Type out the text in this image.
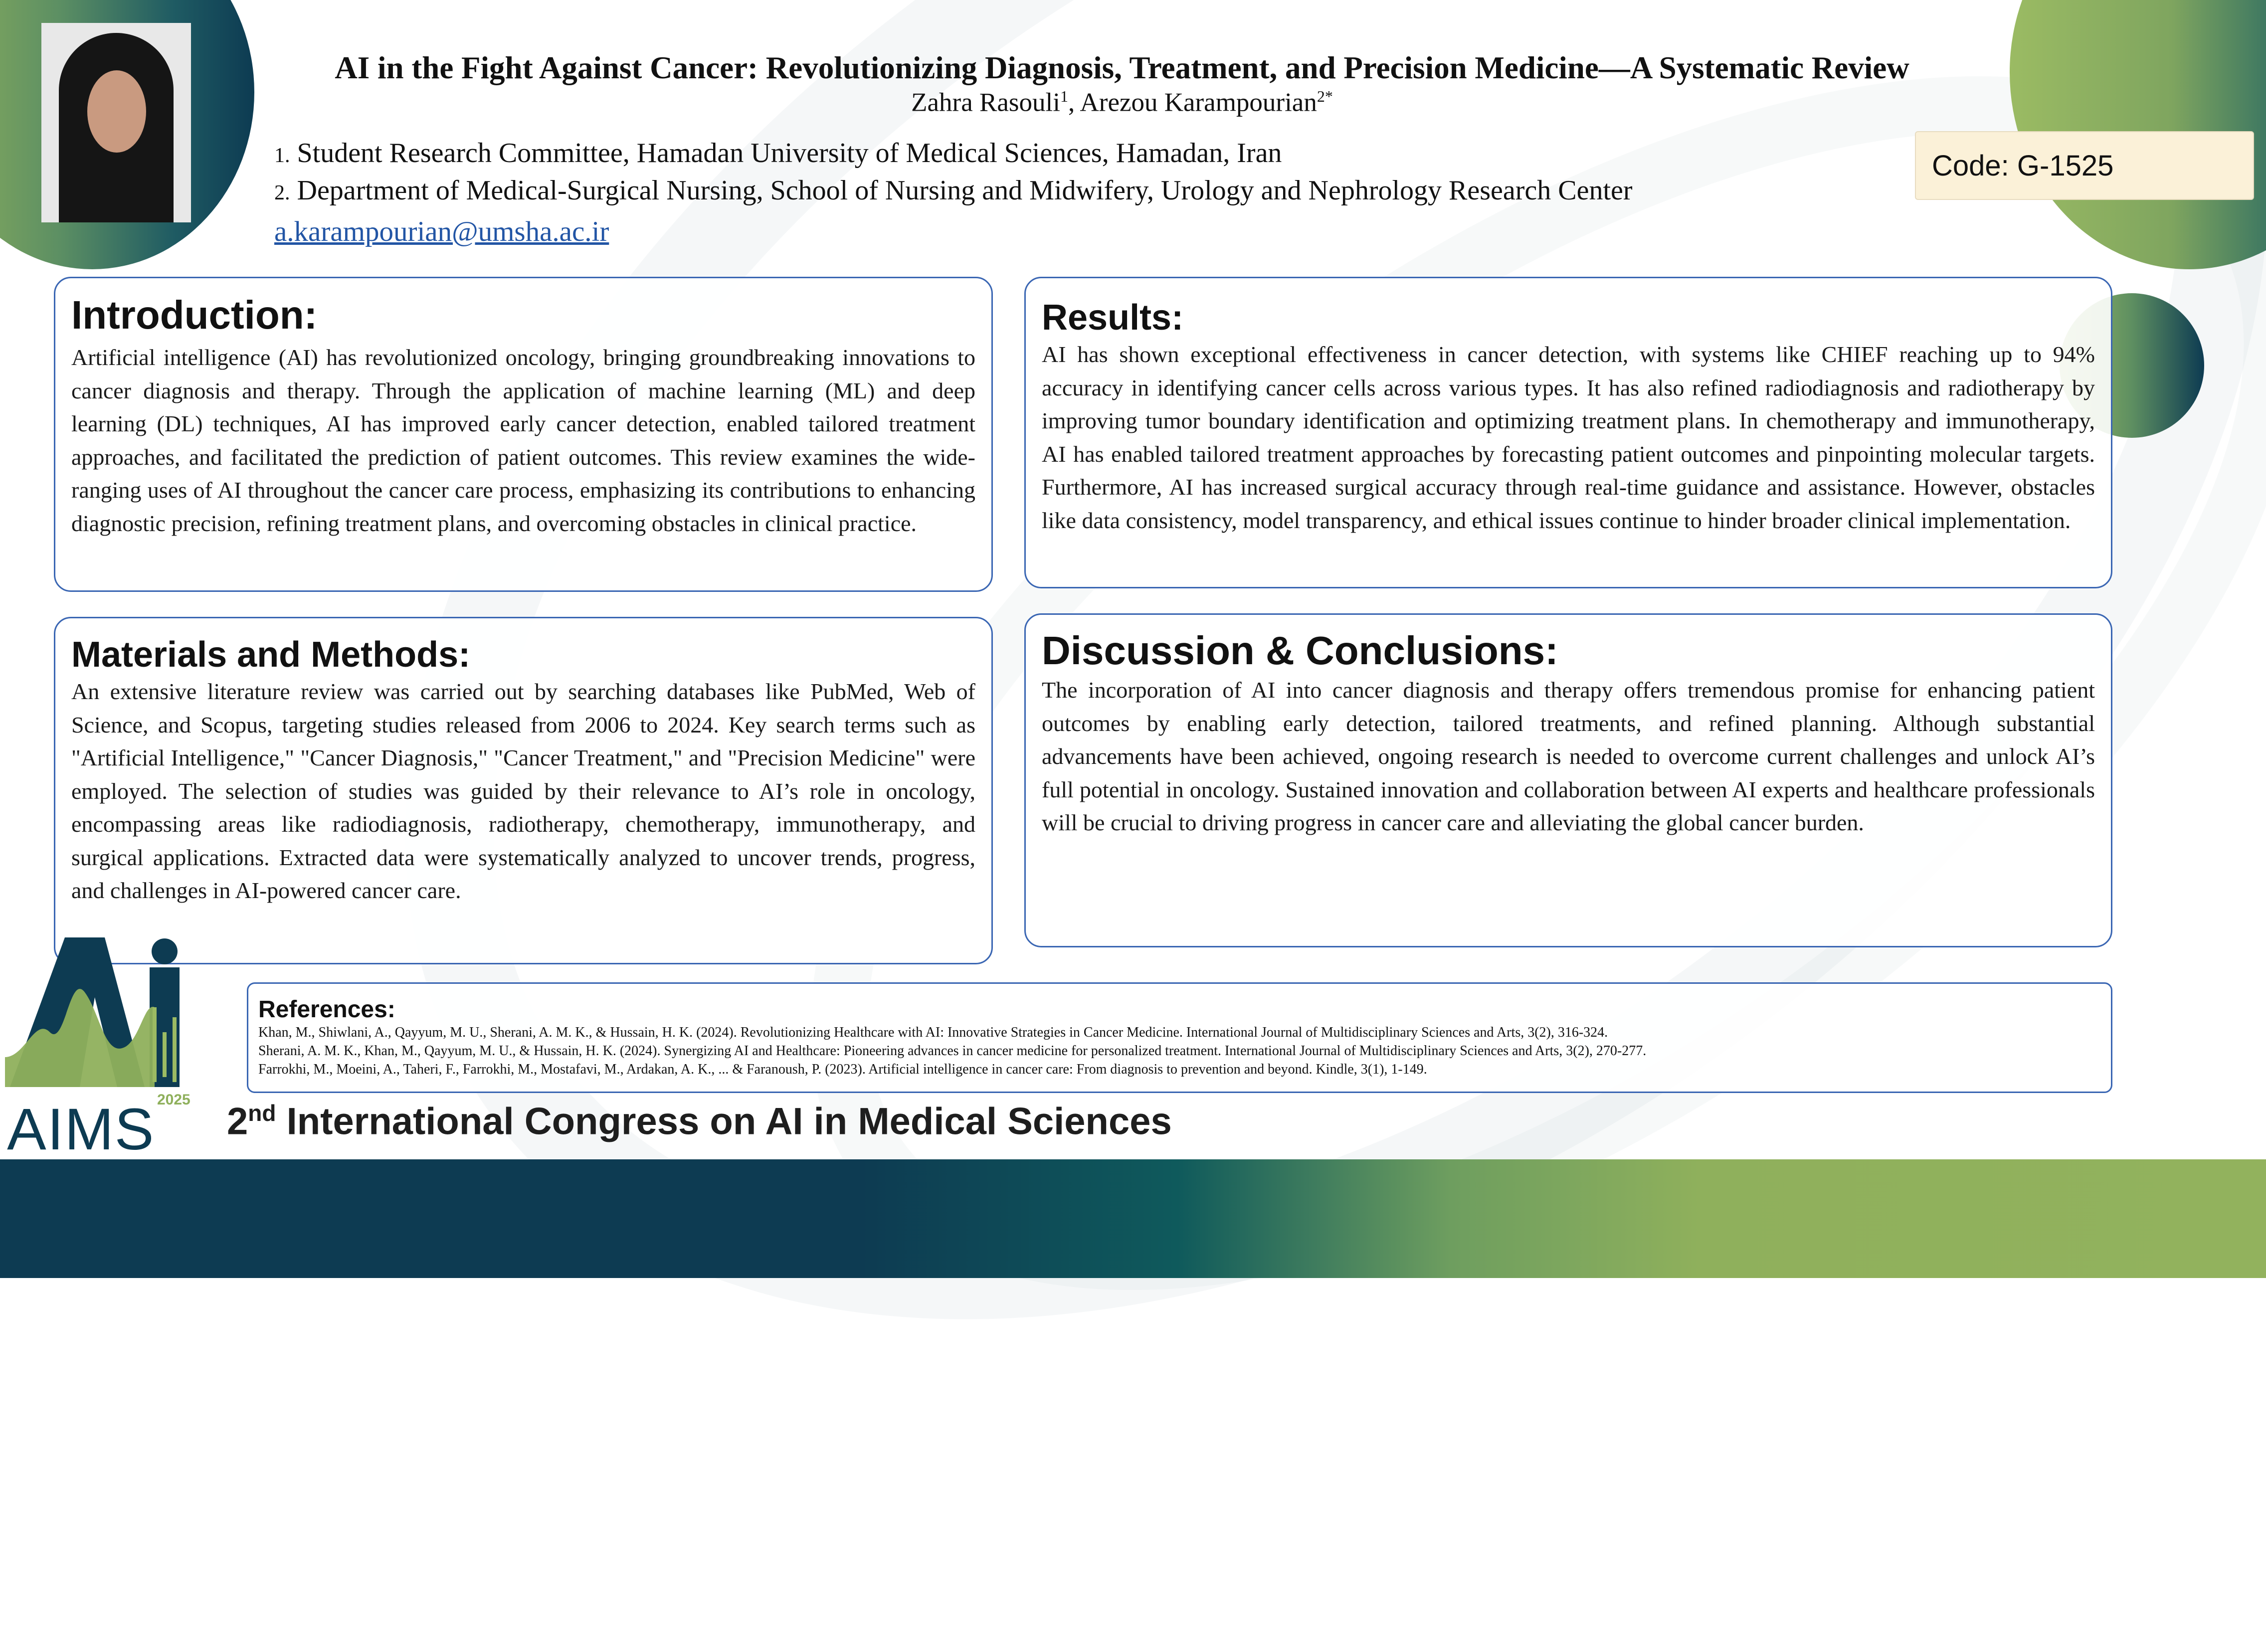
AI in the Fight Against Cancer: Revolutionizing Diagnosis, Treatment, and Precision Medicine—A Systematic Review
Zahra Rasouli$^1$, Arezou Karampourian$^{2*}$
1. Student Research Committee, Hamadan University of Medical Sciences, Hamadan, Iran
2. Department of Medical-Surgical Nursing, School of Nursing and Midwifery, Urology and Nephrology Research Center
a.karampourian@umsha.ac.ir
Code: G-1525
Introduction:

Artificial intelligence (AI) has revolutionized oncology, bringing groundbreaking innovations to cancer diagnosis and therapy. Through the application of machine learning (ML) and deep learning (DL) techniques, AI has improved early cancer detection, enabled tailored treatment approaches, and facilitated the prediction of patient outcomes. This review examines the wide-ranging uses of AI throughout the cancer care process, emphasizing its contributions to enhancing diagnostic precision, refining treatment plans, and overcoming obstacles in clinical practice.

Results:

AI has shown exceptional effectiveness in cancer detection, with systems like CHIEF reaching up to 94% accuracy in identifying cancer cells across various types. It has also refined radiodiagnosis and radiotherapy by improving tumor boundary identification and optimizing treatment plans. In chemotherapy and immunotherapy, AI has enabled tailored treatment approaches by forecasting patient outcomes and pinpointing molecular targets. Furthermore, AI has increased surgical accuracy through real-time guidance and assistance. However, obstacles like data consistency, model transparency, and ethical issues continue to hinder broader clinical implementation.

Materials and Methods:

An extensive literature review was carried out by searching databases like PubMed, Web of Science, and Scopus, targeting studies released from 2006 to 2024. Key search terms such as "Artificial Intelligence," "Cancer Diagnosis," "Cancer Treatment," and "Precision Medicine" were employed. The selection of studies was guided by their relevance to AI’s role in oncology, encompassing areas like radiodiagnosis, radiotherapy, chemotherapy, immunotherapy, and surgical applications. Extracted data were systematically analyzed to uncover trends, progress, and challenges in AI-powered cancer care.

Discussion & Conclusions:

The incorporation of AI into cancer diagnosis and therapy offers tremendous promise for enhancing patient outcomes by enabling early detection, tailored treatments, and refined planning. Although substantial advancements have been achieved, ongoing research is needed to overcome current challenges and unlock AI’s full potential in oncology. Sustained innovation and collaboration between AI experts and healthcare professionals will be crucial to driving progress in cancer care and alleviating the global cancer burden.

References:

Khan, M., Shiwlani, A., Qayyum, M. U., Sherani, A. M. K., & Hussain, H. K. (2024). Revolutionizing Healthcare with AI: Innovative Strategies in Cancer Medicine. International Journal of Multidisciplinary Sciences and Arts, 3(2), 316-324.

Sherani, A. M. K., Khan, M., Qayyum, M. U., & Hussain, H. K. (2024). Synergizing AI and Healthcare: Pioneering advances in cancer medicine for personalized treatment. International Journal of Multidisciplinary Sciences and Arts, 3(2), 270-277.

Farrokhi, M., Moeini, A., Taheri, F., Farrokhi, M., Mostafavi, M., Ardakan, A. K., ... & Faranoush, P. (2023). Artificial intelligence in cancer care: From diagnosis to prevention and beyond. Kindle, 3(1), 1-149.

2025
AIMS 2nd International Congress on AI in Medical Sciences
